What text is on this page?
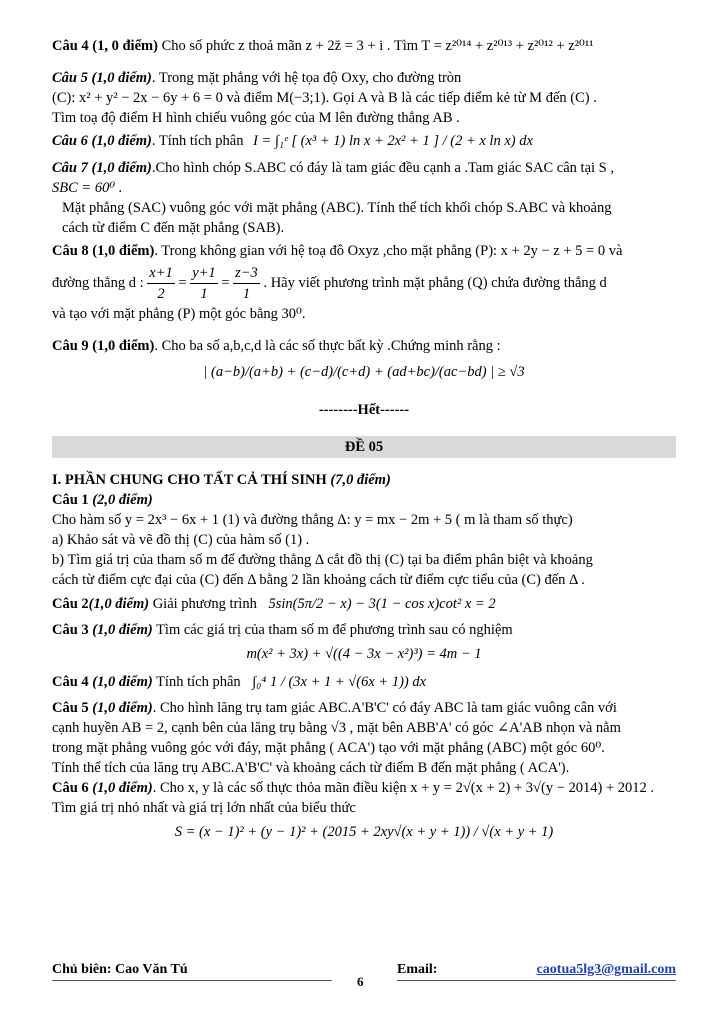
Câu 4 (1, 0 điểm) Cho số phức z thoả mãn z + 2z̄ = 3 + i . Tìm T = z²⁰¹⁴ + z²⁰¹³ + z²⁰¹² + z²⁰¹¹

Câu 5 (1,0 điểm). Trong mặt phẳng với hệ tọa độ Oxy, cho đường tròn

(C): x² + y² − 2x − 6y + 6 = 0 và điểm M(−3;1). Gọi A và B là các tiếp điểm kẻ từ M đến (C) .

Tìm toạ độ điểm H hình chiếu vuông góc của M lên đường thẳng AB .

Câu 6 (1,0 điểm). Tính tích phân I = ∫₁ᵉ [ (x³ + 1) ln x + 2x² + 1 ] / (2 + x ln x) dx

Câu 7 (1,0 điểm).Cho hình chóp S.ABC có đáy là tam giác đều cạnh a .Tam giác SAC cân tại S ,

SBC = 60⁰ .

Mặt phẳng (SAC) vuông góc với mặt phẳng (ABC). Tính thể tích khối chóp S.ABC và khoảng

cách từ điểm C đến mặt phẳng (SAB).

Câu 8 (1,0 điểm). Trong không gian với hệ toạ đô Oxyz ,cho mặt phẳng (P): x + 2y − z + 5 = 0 và

đường thẳng d : $\frac{x+1}{2} = \frac{y+1}{1} = \frac{z-3}{1}$ . Hãy viết phương trình mặt phẳng (Q) chứa đường thẳng d

và tạo với mặt phẳng (P) một góc bằng 30⁰.

Câu 9 (1,0 điểm). Cho ba số a,b,c,d là các số thực bất kỳ .Chứng minh rằng :

| (a−b)/(a+b) + (c−d)/(c+d) + (ad+bc)/(ac−bd) | ≥ √3

--------Hết------

ĐỀ 05

I. PHẦN CHUNG CHO TẤT CẢ THÍ SINH (7,0 điểm)

Câu 1 (2,0 điểm)

Cho hàm số y = 2x³ − 6x + 1 (1) và đường thẳng Δ: y = mx − 2m + 5 ( m là tham số thực)

a) Khảo sát và vẽ đồ thị (C) của hàm số (1) .

b) Tìm giá trị của tham số m để đường thẳng Δ cắt đồ thị (C) tại ba điểm phân biệt và khoảng

cách từ điểm cực đại của (C) đến Δ bằng 2 lần khoảng cách từ điểm cực tiểu của (C) đến Δ .

Câu 2(1,0 điểm) Giải phương trình 5sin(5π/2 − x) − 3(1 − cos x)cot² x = 2

Câu 3 (1,0 điểm) Tìm các giá trị của tham số m để phương trình sau có nghiệm

m(x² + 3x) + √((4 − 3x − x²)³) = 4m − 1

Câu 4 (1,0 điểm) Tính tích phân ∫₀⁴ 1 / (3x + 1 + √(6x + 1)) dx

Câu 5 (1,0 điểm). Cho hình lăng trụ tam giác ABC.A'B'C' có đáy ABC là tam giác vuông cân với

cạnh huyền AB = 2, cạnh bên của lăng trụ bằng √3 , mặt bên ABB'A' có góc ∠A'AB nhọn và nằm

trong mặt phẳng vuông góc với đáy, mặt phẳng ( ACA') tạo với mặt phẳng (ABC) một góc 60⁰.

Tính thể tích của lăng trụ ABC.A'B'C' và khoảng cách từ điểm B đến mặt phẳng ( ACA').

Câu 6 (1,0 điểm). Cho x, y là các số thực thỏa mãn điều kiện x + y = 2√(x + 2) + 3√(y − 2014) + 2012 .

Tìm giá trị nhỏ nhất và giá trị lớn nhất của biểu thức

S = (x − 1)² + (y − 1)² + (2015 + 2xy√(x + y + 1)) / √(x + y + 1)

Chủ biên: Cao Văn Tú
6
Email:	caotua5lg3@gmail.com
